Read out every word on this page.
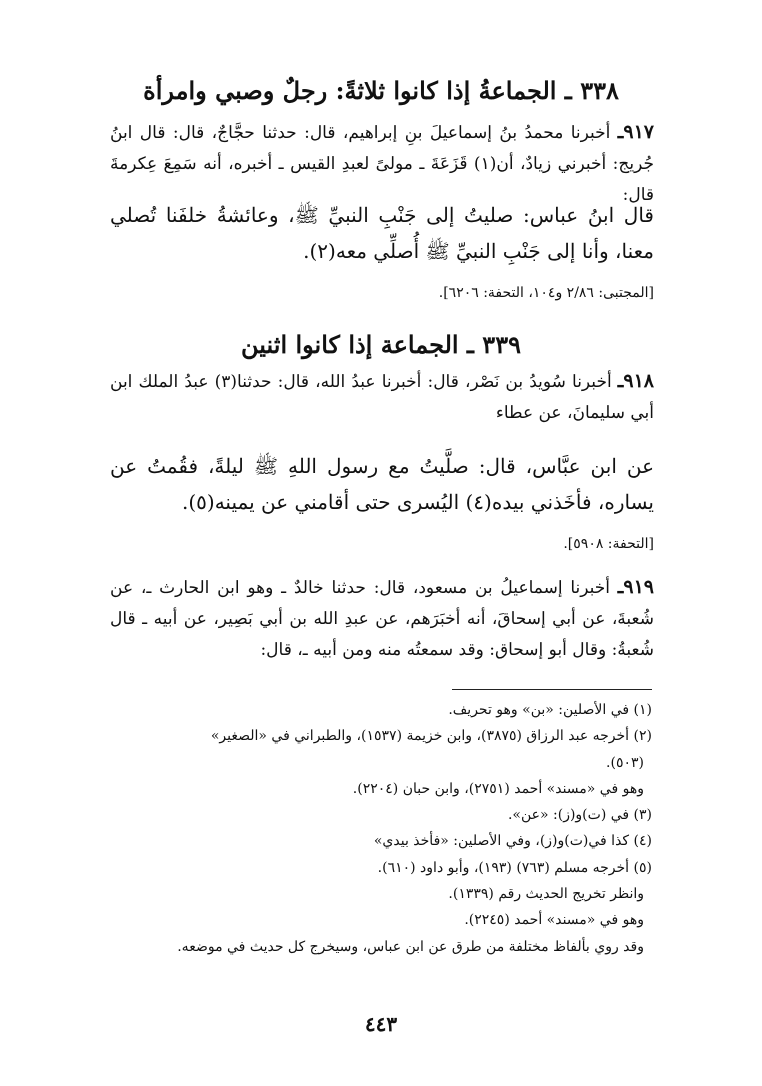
٣٣٨ ـ الجماعةُ إذا كانوا ثلاثةً: رجلٌ وصبي وامرأة
٩١٧ـ أخبرنا محمدُ بنُ إسماعيلَ بنِ إبراهيم، قال: حدثنا حجَّاجٌ، قال: قال ابنُ جُريج: أخبرني زيادٌ، أن(١) قَزَعَةَ ـ مولىً لعبدِ القيس ـ أخبره، أنه سَمِعَ عِكرمةَ قال:
قال ابنُ عباس: صليتُ إلى جَنْبِ النبيِّ ﷺ، وعائشةُ خلفَنا تُصلي معنا، وأنا إلى جَنْبِ النبيِّ ﷺ أُصلِّي معه(٢).
[المجتبى: ٢/٨٦ و١٠٤، التحفة: ٦٢٠٦].
٣٣٩ ـ الجماعة إذا كانوا اثنين
٩١٨ـ أخبرنا سُويدُ بن نَصْر، قال: أخبرنا عبدُ الله، قال: حدثنا(٣) عبدُ الملك ابن أبي سليمانَ، عن عطاء
عن ابن عبَّاس، قال: صلَّيتُ مع رسول اللهِ ﷺ ليلةً، فقُمتُ عن يساره، فأخَذني بيده(٤) اليُسرى حتى أقامني عن يمينه(٥).
[التحفة: ٥٩٠٨].
٩١٩ـ أخبرنا إسماعيلُ بن مسعود، قال: حدثنا خالدٌ ـ وهو ابن الحارث ـ، عن شُعبةَ، عن أبي إسحاقَ، أنه أخبَرَهم، عن عبدِ الله بن أبي بَصِير، عن أبيه ـ قال شُعبةُ: وقال أبو إسحاق: وقد سمعتُه منه ومن أبيه ـ، قال:
(١) في الأصلين: «بن» وهو تحريف.
(٢) أخرجه عبد الرزاق (٣٨٧٥)، وابن خزيمة (١٥٣٧)، والطبراني في «الصغير»
(٥٠٣).
وهو في «مسند» أحمد (٢٧٥١)، وابن حبان (٢٢٠٤).
(٣) في (ت)و(ز): «عن».
(٤) كذا في(ت)و(ز)، وفي الأصلين: «فأخذ بيدي»
(٥) أخرجه مسلم (٧٦٣) (١٩٣)، وأبو داود (٦١٠).
وانظر تخريج الحديث رقم (١٣٣٩).
وهو في «مسند» أحمد (٢٢٤٥).
وقد روي بألفاظ مختلفة من طرق عن ابن عباس، وسيخرج كل حديث في موضعه.
٤٤٣
